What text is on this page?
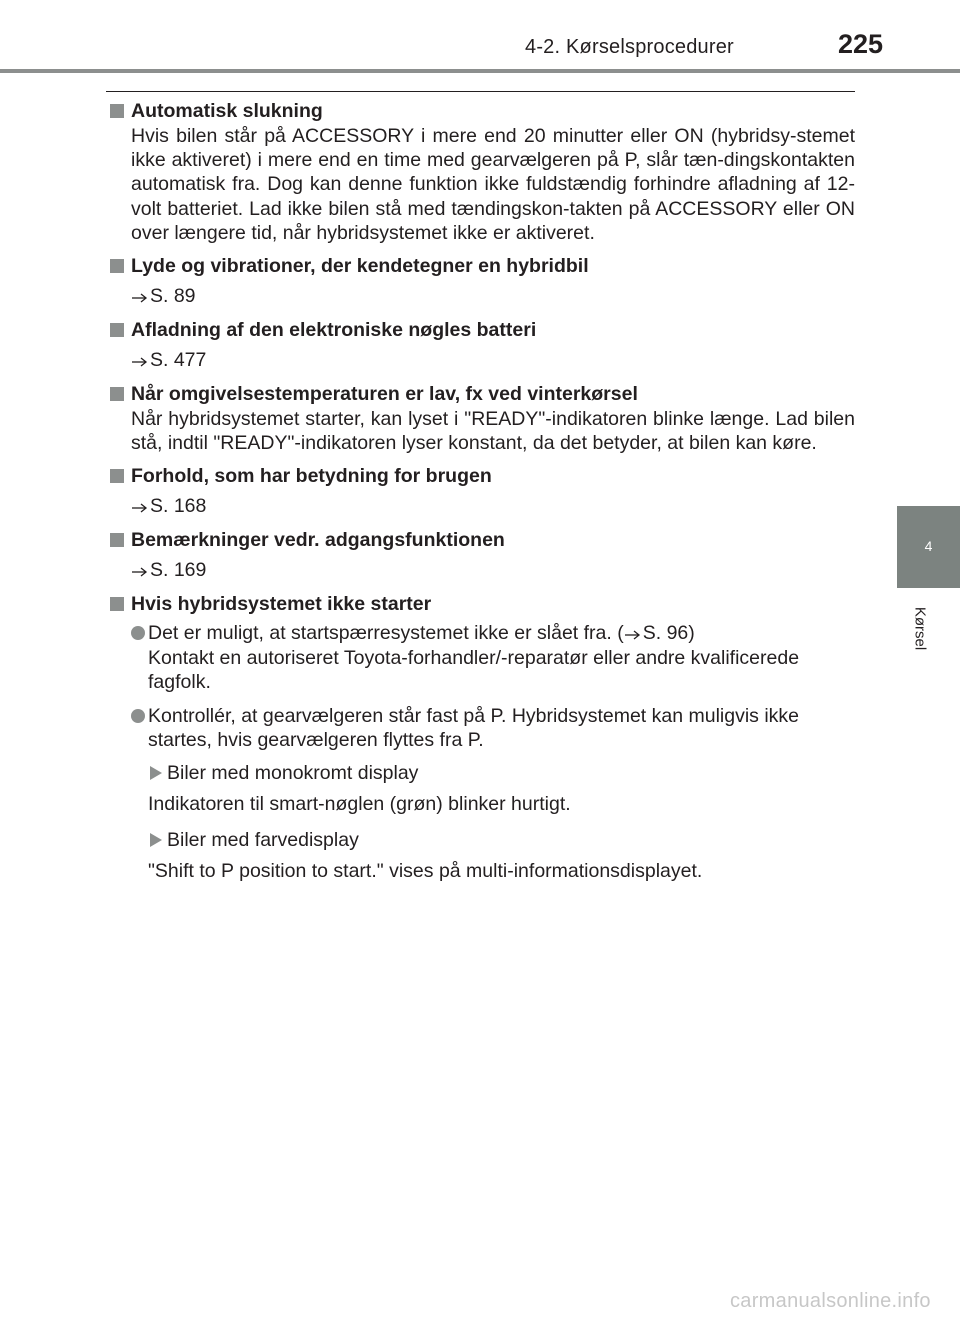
4-2. Kørselsprocedurer	225
4
Kørsel
Automatisk slukning
Hvis bilen står på ACCESSORY i mere end 20 minutter eller ON (hybridsy-stemet ikke aktiveret) i mere end en time med gearvælgeren på P, slår tæn-dingskontakten automatisk fra. Dog kan denne funktion ikke fuldstændig forhindre afladning af 12-volt batteriet. Lad ikke bilen stå med tændingskon-takten på ACCESSORY eller ON over længere tid, når hybridsystemet ikke er aktiveret.
Lyde og vibrationer, der kendetegner en hybridbil
S. 89
Afladning af den elektroniske nøgles batteri
S. 477
Når omgivelsestemperaturen er lav, fx ved vinterkørsel
Når hybridsystemet starter, kan lyset i "READY"-indikatoren blinke længe. Lad bilen stå, indtil "READY"-indikatoren lyser konstant, da det betyder, at bilen kan køre.
Forhold, som har betydning for brugen
S. 168
Bemærkninger vedr. adgangsfunktionen
S. 169
Hvis hybridsystemet ikke starter
Det er muligt, at startspærresystemet ikke er slået fra. ( S. 96)
Kontakt en autoriseret Toyota-forhandler/-reparatør eller andre kvalificerede fagfolk.
Kontrollér, at gearvælgeren står fast på P. Hybridsystemet kan muligvis ikke startes, hvis gearvælgeren flyttes fra P.
Biler med monokromt display
Indikatoren til smart-nøglen (grøn) blinker hurtigt.
Biler med farvedisplay
"Shift to P position to start." vises på multi-informationsdisplayet.
carmanualsonline.info
